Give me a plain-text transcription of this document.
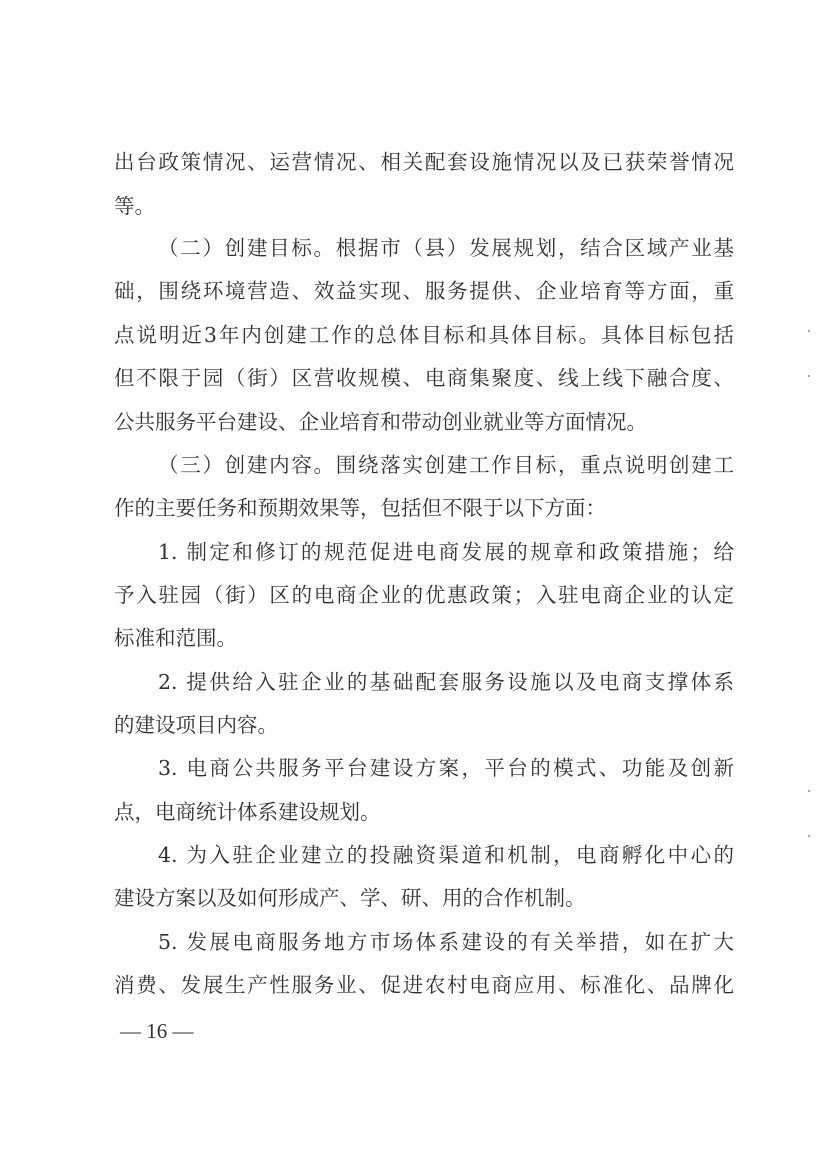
出台政策情况、运营情况、相关配套设施情况以及已获荣誉情况
等。
（二）创建目标。根据市（县）发展规划，结合区域产业基
础，围绕环境营造、效益实现、服务提供、企业培育等方面，重
点说明近3年内创建工作的总体目标和具体目标。具体目标包括
但不限于园（街）区营收规模、电商集聚度、线上线下融合度、
公共服务平台建设、企业培育和带动创业就业等方面情况。
（三）创建内容。围绕落实创建工作目标，重点说明创建工
作的主要任务和预期效果等，包括但不限于以下方面：
1. 制定和修订的规范促进电商发展的规章和政策措施；给
予入驻园（街）区的电商企业的优惠政策；入驻电商企业的认定
标准和范围。
2. 提供给入驻企业的基础配套服务设施以及电商支撑体系
的建设项目内容。
3. 电商公共服务平台建设方案，平台的模式、功能及创新
点，电商统计体系建设规划。
4. 为入驻企业建立的投融资渠道和机制，电商孵化中心的
建设方案以及如何形成产、学、研、用的合作机制。
5. 发展电商服务地方市场体系建设的有关举措，如在扩大
消费、发展生产性服务业、促进农村电商应用、标准化、品牌化
— 16 —
